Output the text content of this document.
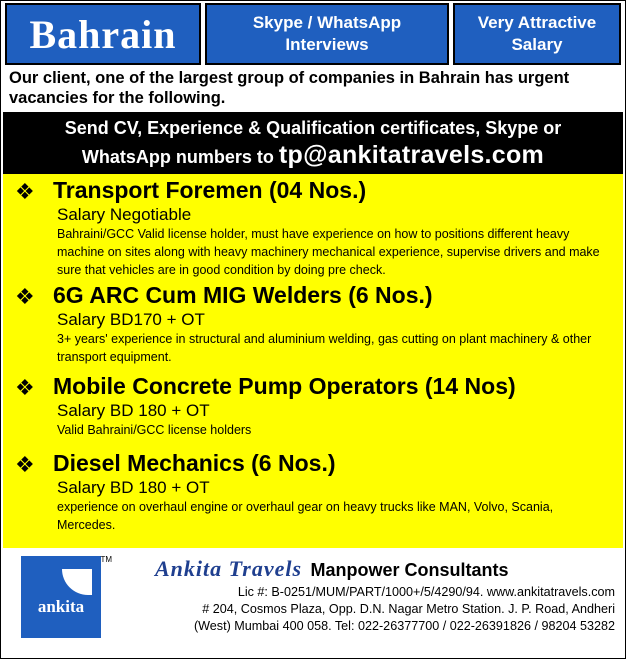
Bahrain	Skype / WhatsApp
Interviews
Very Attractive
Salary
Our client, one of the largest group of companies in Bahrain has urgent vacancies for the following.
Send CV, Experience & Qualification certificates, Skype or
WhatsApp numbers to tp@ankitatravels.com
❖ Transport Foremen (04 Nos.)
Salary Negotiable
Bahraini/GCC Valid license holder, must have experience on how to positions different heavy machine on sites along with heavy machinery mechanical experience, supervise drivers and make sure that vehicles are in good condition by doing pre check.
❖ 6G ARC Cum MIG Welders (6 Nos.)
Salary BD170 + OT
3+ years' experience in structural and aluminium welding, gas cutting on plant machinery & other transport equipment.
❖ Mobile Concrete Pump Operators (14 Nos)
Salary BD 180 + OT
Valid Bahraini/GCC license holders
❖ Diesel Mechanics (6 Nos.)
Salary BD 180 + OT
experience on overhaul engine or overhaul gear on heavy trucks like MAN, Volvo, Scania, Mercedes.
TM
ankita
Ankita Travels Manpower Consultants
Lic #: B-0251/MUM/PART/1000+/5/4290/94. www.ankitatravels.com
# 204, Cosmos Plaza, Opp. D.N. Nagar Metro Station. J. P. Road, Andheri
(West) Mumbai 400 058. Tel: 022-26377700 / 022-26391826 / 98204 53282
